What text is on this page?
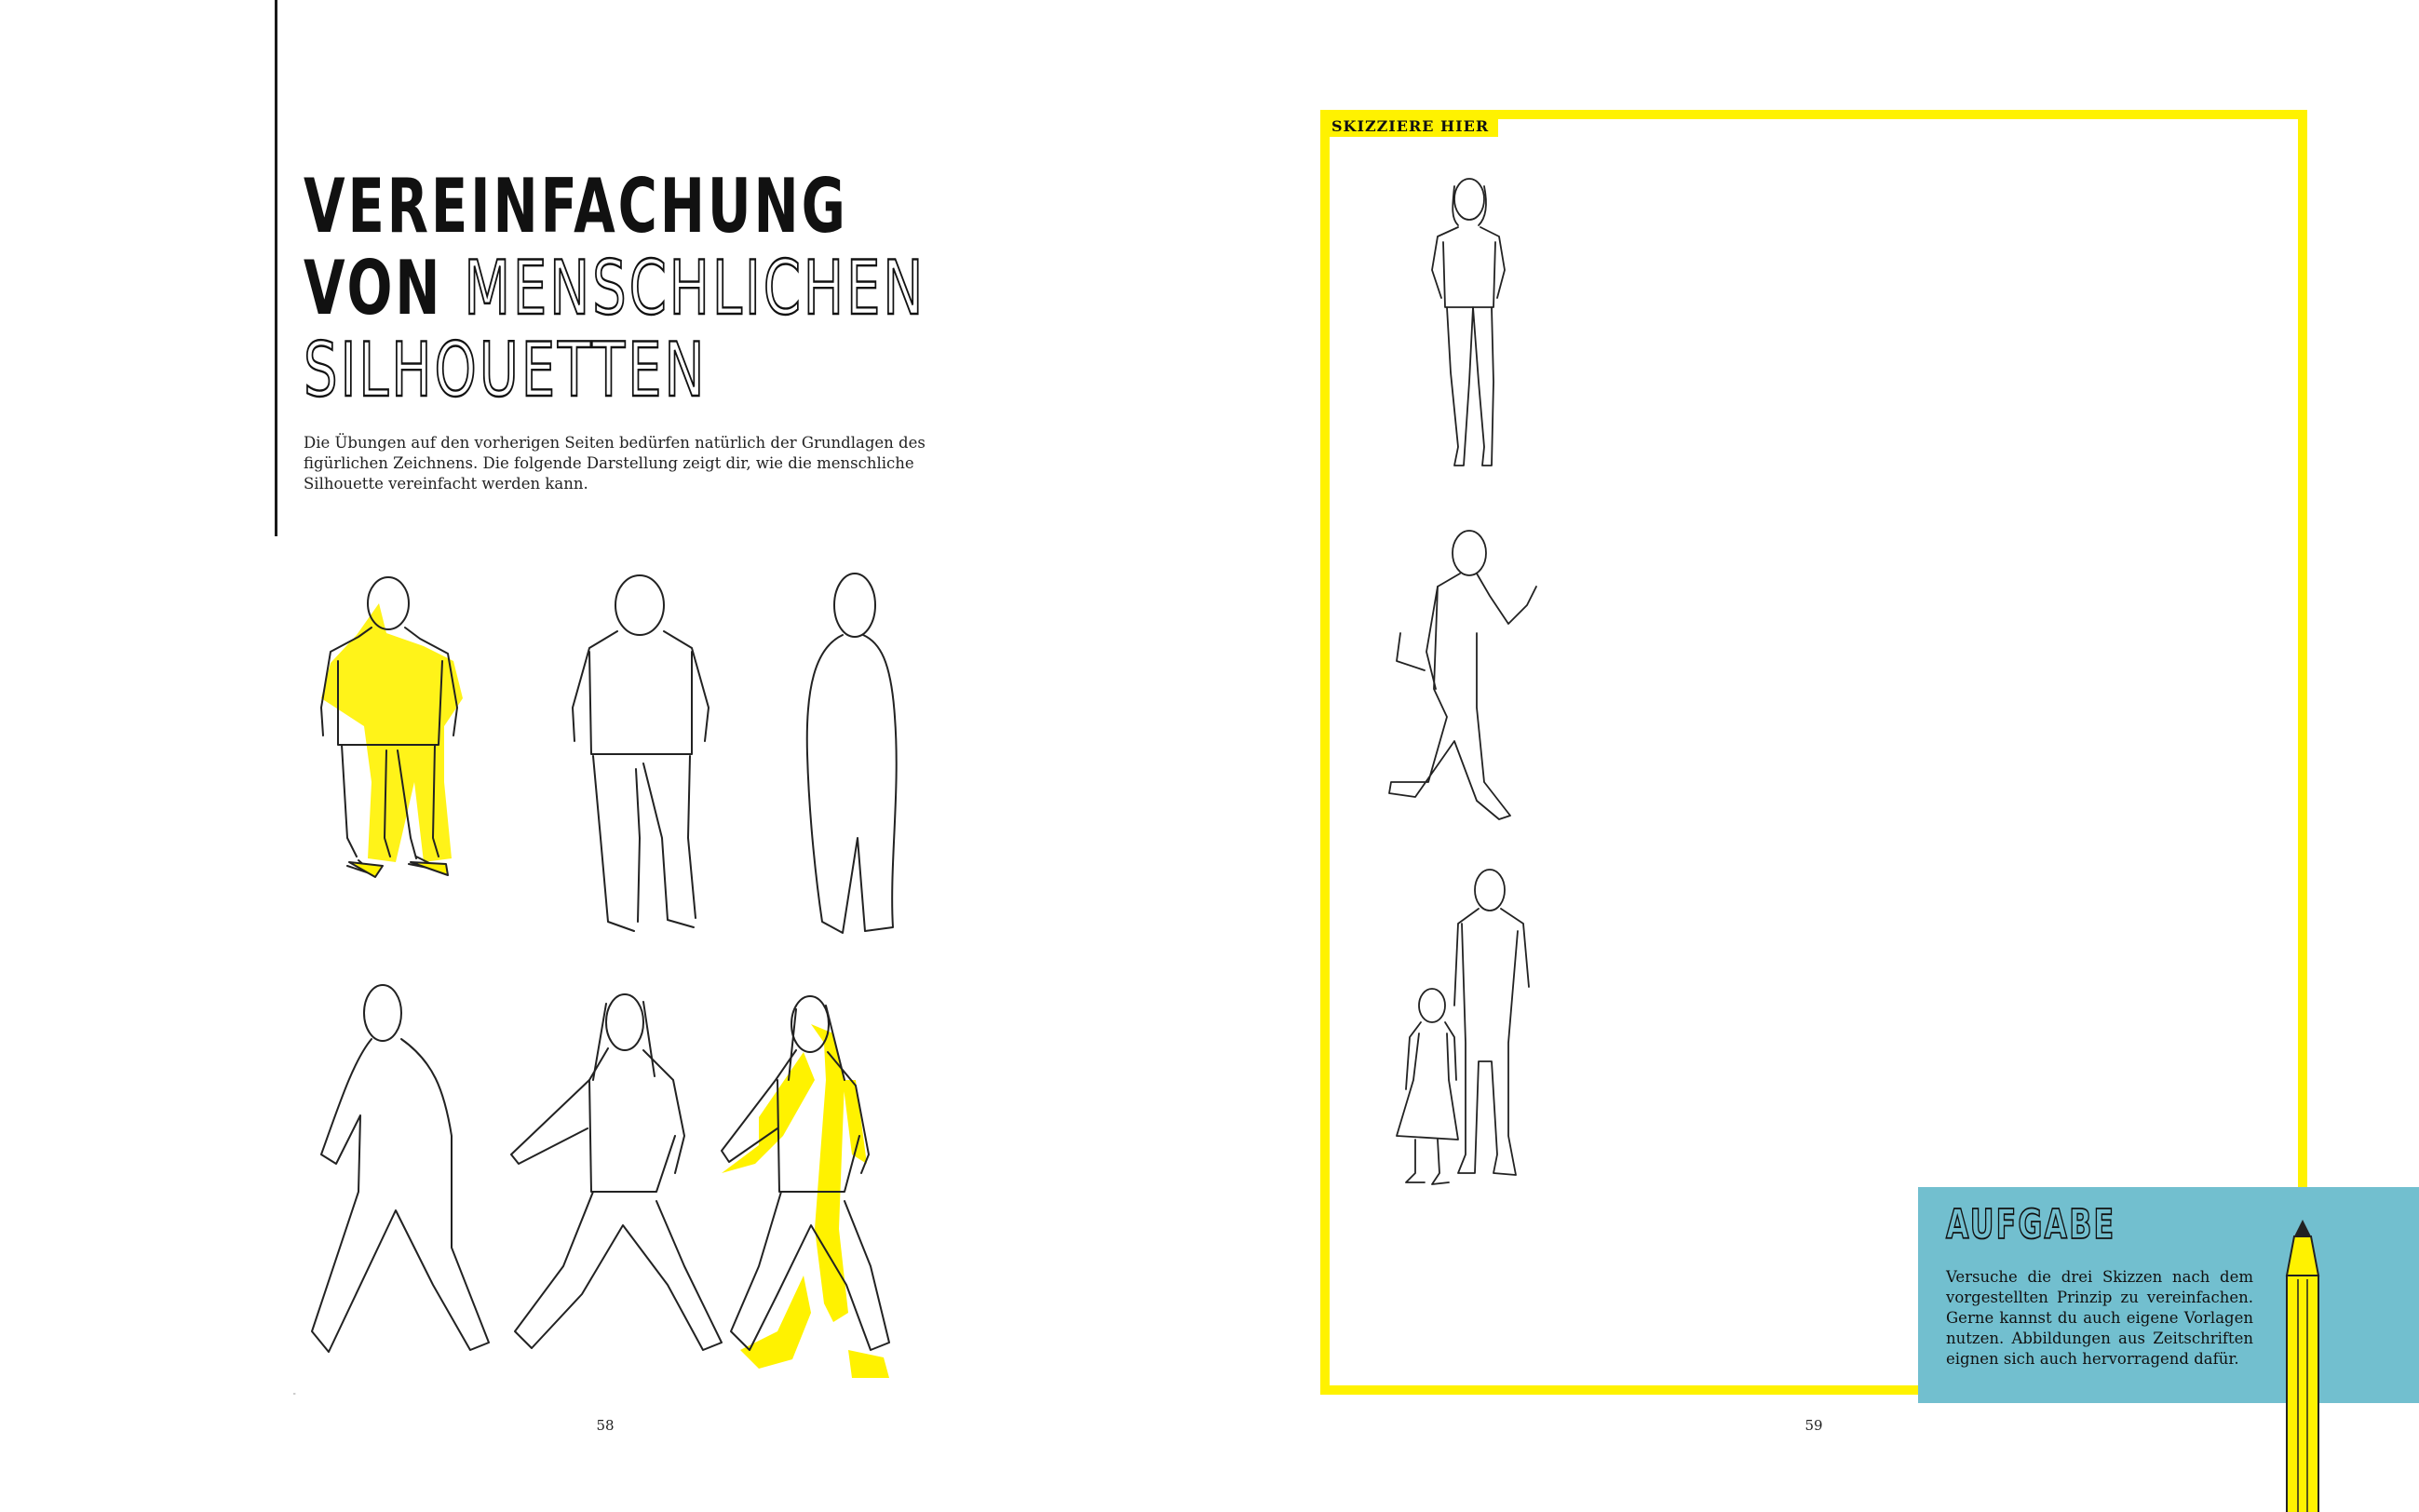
VEREINFACHUNG
VON MENSCHLICHEN
SILHOUETTEN

Die Übungen auf den vorherigen Seiten bedürfen natürlich der Grundlagen des figürlichen Zeichnens. Die folgende Darstellung zeigt dir, wie die menschliche Silhouette vereinfacht werden kann.

58
SKIZZIERE HIER
AUFGABE

Versuche die drei Skizzen nach dem vorgestellten Prinzip zu vereinfachen. Gerne kannst du auch eigene Vorlagen nutzen. Abbildungen aus Zeitschriften eignen sich auch hervorragend dafür.

59
